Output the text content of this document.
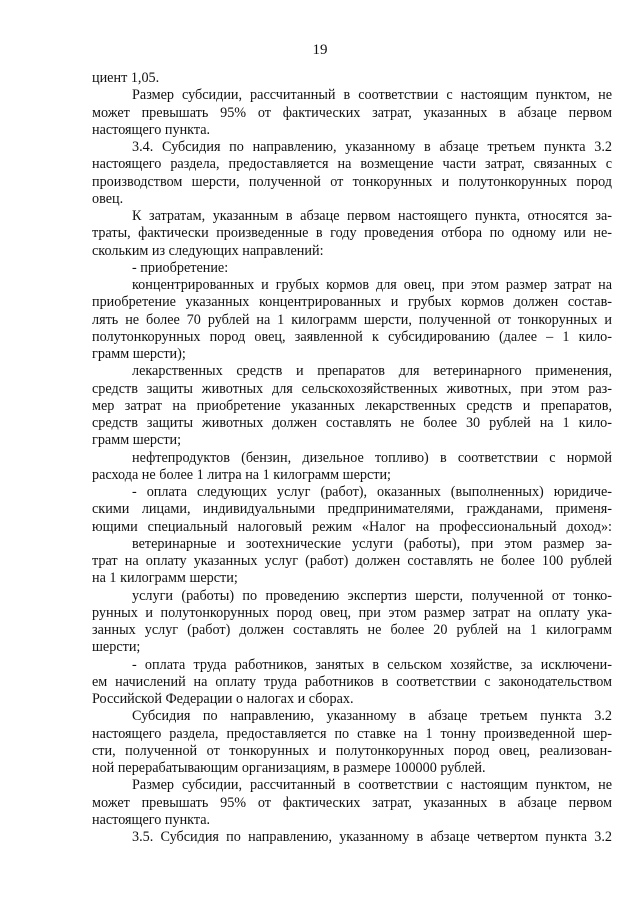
19
циент 1,05.
Размер субсидии, рассчитанный в соответствии с настоящим пунктом, не
может превышать 95% от фактических затрат, указанных в абзаце первом
настоящего пункта.
3.4. Субсидия по направлению, указанному в абзаце третьем пункта 3.2
настоящего раздела, предоставляется на возмещение части затрат, связанных с
производством шерсти, полученной от тонкорунных и полутонкорунных пород
овец.
К затратам, указанным в абзаце первом настоящего пункта, относятся за-
траты, фактически произведенные в году проведения отбора по одному или не-
скольким из следующих направлений:
- приобретение:
концентрированных и грубых кормов для овец, при этом размер затрат на
приобретение указанных концентрированных и грубых кормов должен состав-
лять не более 70 рублей на 1 килограмм шерсти, полученной от тонкорунных и
полутонкорунных пород овец, заявленной к субсидированию (далее – 1 кило-
грамм шерсти);
лекарственных средств и препаратов для ветеринарного применения,
средств защиты животных для сельскохозяйственных животных, при этом раз-
мер затрат на приобретение указанных лекарственных средств и препаратов,
средств защиты животных должен составлять не более 30 рублей на 1 кило-
грамм шерсти;
нефтепродуктов (бензин, дизельное топливо) в соответствии с нормой
расхода не более 1 литра на 1 килограмм шерсти;
- оплата следующих услуг (работ), оказанных (выполненных) юридиче-
скими лицами, индивидуальными предпринимателями, гражданами, применя-
ющими специальный налоговый режим «Налог на профессиональный доход»:
ветеринарные и зоотехнические услуги (работы), при этом размер за-
трат на оплату указанных услуг (работ) должен составлять не более 100 рублей
на 1 килограмм шерсти;
услуги (работы) по проведению экспертиз шерсти, полученной от тонко-
рунных и полутонкорунных пород овец, при этом размер затрат на оплату ука-
занных услуг (работ) должен составлять не более 20 рублей на 1 килограмм
шерсти;
- оплата труда работников, занятых в сельском хозяйстве, за исключени-
ем начислений на оплату труда работников в соответствии с законодательством
Российской Федерации о налогах и сборах.
Субсидия по направлению, указанному в абзаце третьем пункта 3.2
настоящего раздела, предоставляется по ставке на 1 тонну произведенной шер-
сти, полученной от тонкорунных и полутонкорунных пород овец, реализован-
ной перерабатывающим организациям, в размере 100000 рублей.
Размер субсидии, рассчитанный в соответствии с настоящим пунктом, не
может превышать 95% от фактических затрат, указанных в абзаце первом
настоящего пункта.
3.5. Субсидия по направлению, указанному в абзаце четвертом пункта 3.2
